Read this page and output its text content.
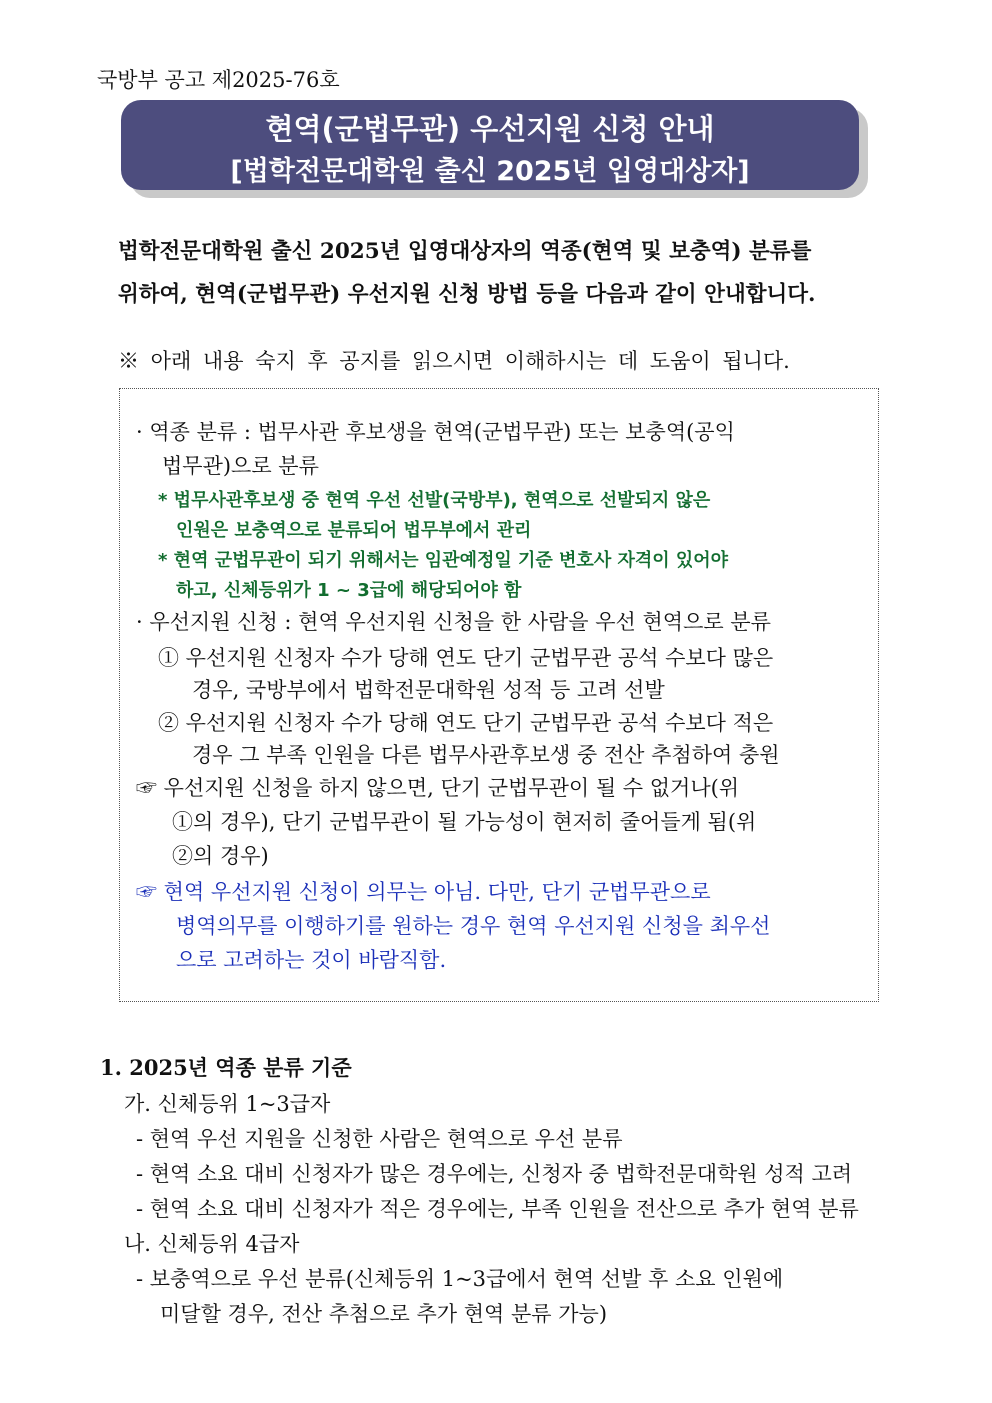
국방부 공고 제2025-76호
현역(군법무관) 우선지원 신청 안내
[법학전문대학원 출신 2025년 입영대상자]
법학전문대학원 출신 2025년 입영대상자의 역종(현역 및 보충역) 분류를
위하여, 현역(군법무관) 우선지원 신청 방법 등을 다음과 같이 안내합니다.
※ 아래 내용 숙지 후 공지를 읽으시면 이해하시는 데 도움이 됩니다.
· 역종 분류 : 법무사관 후보생을 현역(군법무관) 또는 보충역(공익
법무관)으로 분류
* 법무사관후보생 중 현역 우선 선발(국방부), 현역으로 선발되지 않은
인원은 보충역으로 분류되어 법무부에서 관리
* 현역 군법무관이 되기 위해서는 임관예정일 기준 변호사 자격이 있어야
하고, 신체등위가 1 ~ 3급에 해당되어야 함
· 우선지원 신청 : 현역 우선지원 신청을 한 사람을 우선 현역으로 분류
① 우선지원 신청자 수가 당해 연도 단기 군법무관 공석 수보다 많은
경우, 국방부에서 법학전문대학원 성적 등 고려 선발
② 우선지원 신청자 수가 당해 연도 단기 군법무관 공석 수보다 적은
경우 그 부족 인원을 다른 법무사관후보생 중 전산 추첨하여 충원
☞ 우선지원 신청을 하지 않으면, 단기 군법무관이 될 수 없거나(위
①의 경우), 단기 군법무관이 될 가능성이 현저히 줄어들게 됨(위
②의 경우)
☞ 현역 우선지원 신청이 의무는 아님. 다만, 단기 군법무관으로
병역의무를 이행하기를 원하는 경우 현역 우선지원 신청을 최우선
으로 고려하는 것이 바람직함.
1. 2025년 역종 분류 기준
가. 신체등위 1~3급자
- 현역 우선 지원을 신청한 사람은 현역으로 우선 분류
- 현역 소요 대비 신청자가 많은 경우에는, 신청자 중 법학전문대학원 성적 고려
- 현역 소요 대비 신청자가 적은 경우에는, 부족 인원을 전산으로 추가 현역 분류
나. 신체등위 4급자
- 보충역으로 우선 분류(신체등위 1~3급에서 현역 선발 후 소요 인원에
미달할 경우, 전산 추첨으로 추가 현역 분류 가능)
